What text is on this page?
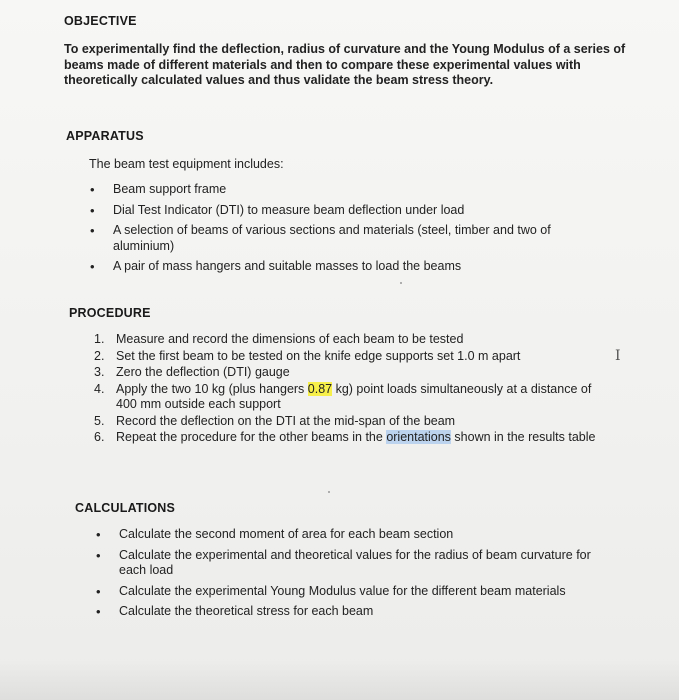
OBJECTIVE
To experimentally find the deflection, radius of curvature and the Young Modulus of a series of beams made of different materials and then to compare these experimental values with theoretically calculated values and thus validate the beam stress theory.
APPARATUS
The beam test equipment includes:
• Beam support frame
• Dial Test Indicator (DTI) to measure beam deflection under load
• A selection of beams of various sections and materials (steel, timber and two of aluminium)
• A pair of mass hangers and suitable masses to load the beams
PROCEDURE
1. Measure and record the dimensions of each beam to be tested
2. Set the first beam to be tested on the knife edge supports set 1.0 m apart
3. Zero the deflection (DTI) gauge
4. Apply the two 10 kg (plus hangers 0.87 kg) point loads simultaneously at a distance of 400 mm outside each support
5. Record the deflection on the DTI at the mid-span of the beam
6. Repeat the procedure for the other beams in the orientations shown in the results table
I
CALCULATIONS
• Calculate the second moment of area for each beam section
• Calculate the experimental and theoretical values for the radius of beam curvature for each load
• Calculate the experimental Young Modulus value for the different beam materials
• Calculate the theoretical stress for each beam
